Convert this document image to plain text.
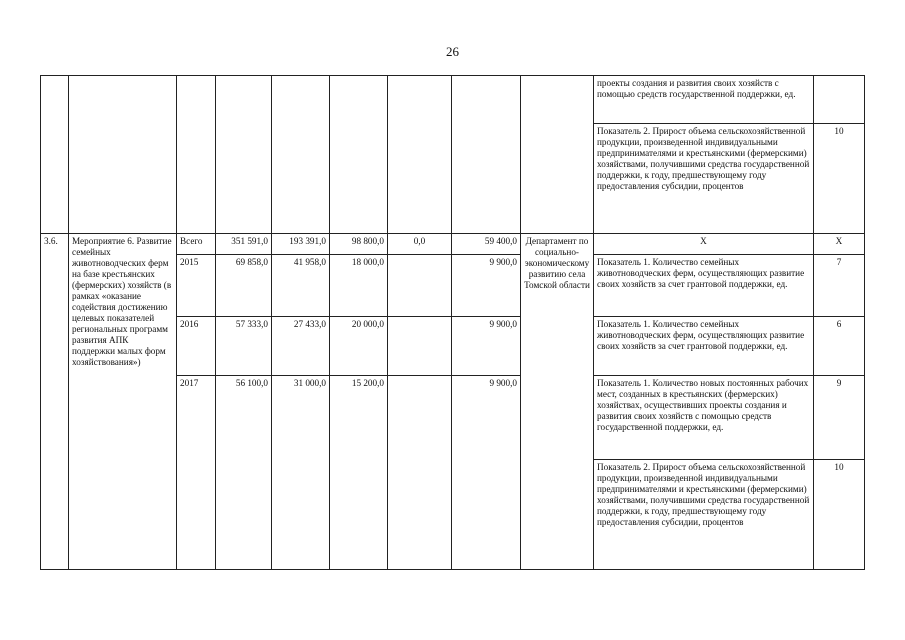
26
									проекты создания и развития своих хозяйств с помощью средств государственной поддержки, ед.	
									Показатель 2. Прирост объема сельскохозяйственной продукции, произведенной индивидуальными предпринимателями и крестьянскими (фермерскими) хозяйствами, получившими средства государственной поддержки, к году, предшествующему году предоставления субсидии, процентов	10
3.6.	Мероприятие 6. Развитие семейных животноводческих ферм на базе крестьянских (фермерских) хозяйств (в рамках «оказание содействия достижению целевых показателей региональных программ развития АПК поддержки малых форм хозяйствования»)	Всего	351 591,0	193 391,0	98 800,0	0,0	59 400,0	Департамент по социально-экономическому развитию села Томской области	Х	Х
		2015	69 858,0	41 958,0	18 000,0		9 900,0		Показатель 1. Количество семейных животноводческих ферм, осуществляющих развитие своих хозяйств за счет грантовой поддержки, ед.	7
		2016	57 333,0	27 433,0	20 000,0		9 900,0		Показатель 1. Количество семейных животноводческих ферм, осуществляющих развитие своих хозяйств за счет грантовой поддержки, ед.	6
		2017	56 100,0	31 000,0	15 200,0		9 900,0		Показатель 1. Количество новых постоянных рабочих мест, созданных в крестьянских (фермерских) хозяйствах, осуществивших проекты создания и развития своих хозяйств с помощью средств государственной поддержки, ед.	9
									Показатель 2. Прирост объема сельскохозяйственной продукции, произведенной индивидуальными предпринимателями и крестьянскими (фермерскими) хозяйствами, получившими средства государственной поддержки, к году, предшествующему году предоставления субсидии, процентов	10
